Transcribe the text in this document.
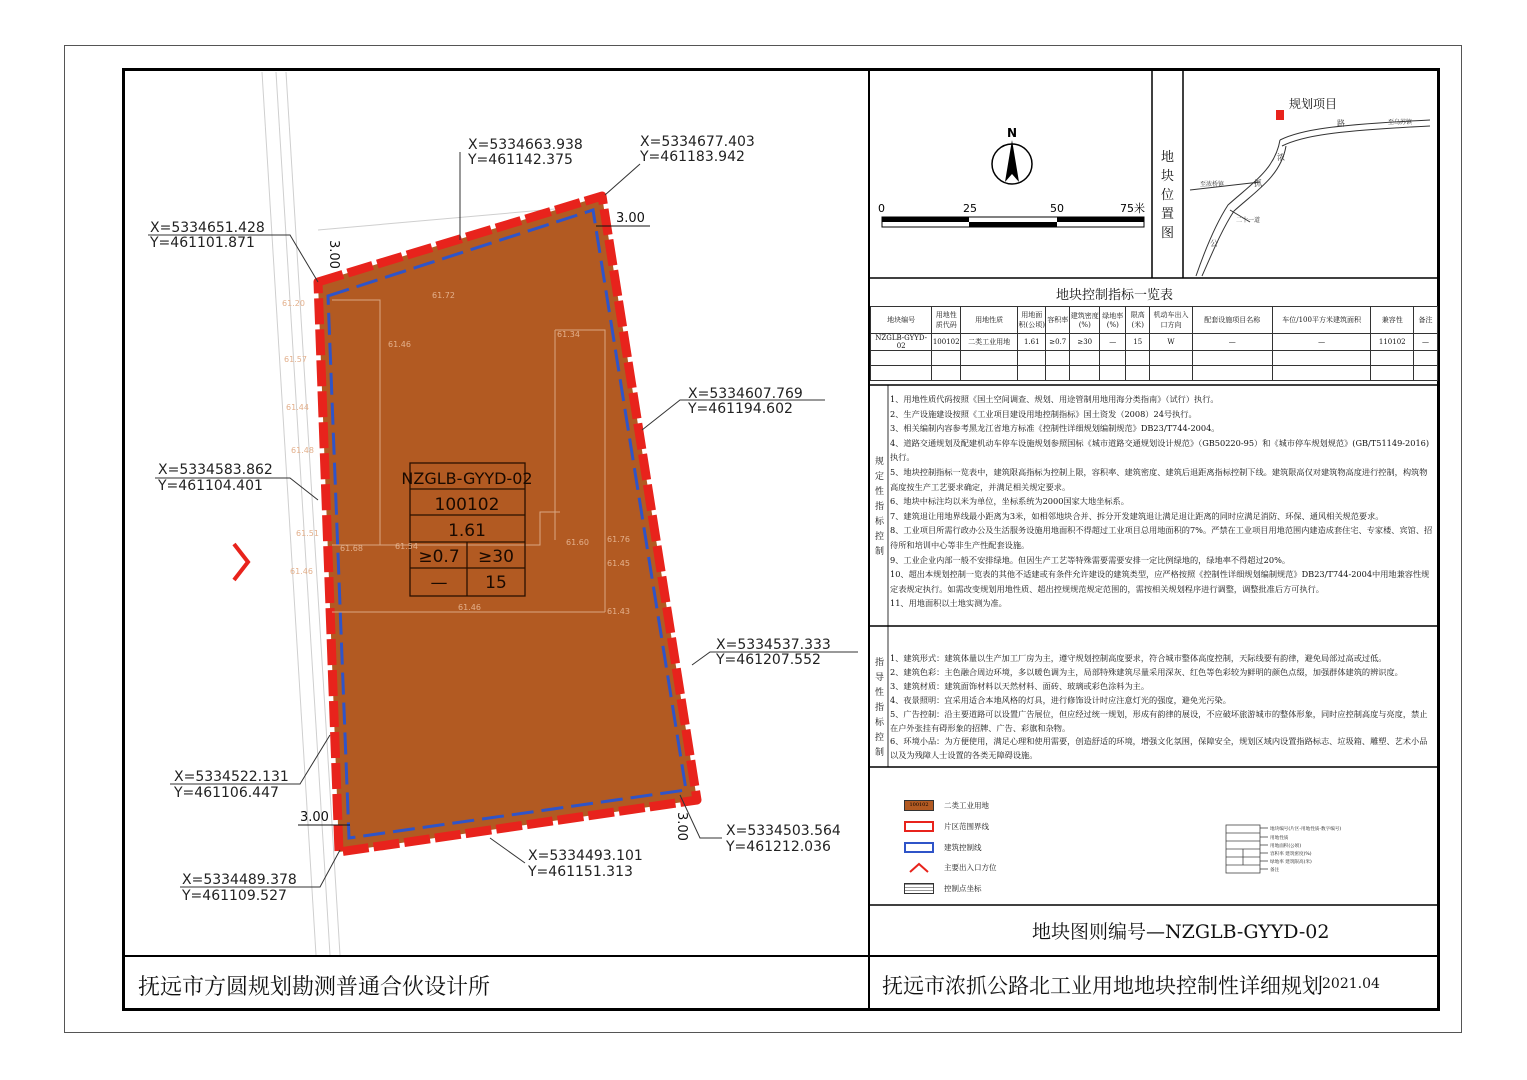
NZGLB-GYYD-02
100102
1.61
≥0.7 ≥30
— 15
61.72
61.46
61.34
61.60 61.76
61.45
61.43
61.46
61.68	61.54
61.20
61.57
61.44
61.48
61.51
61.46
X=5334663.938
Y=461142.375
X=5334677.403
Y=461183.942
X=5334651.428
Y=461101.871
X=5334607.769
Y=461194.602
X=5334583.862
Y=461104.401
X=5334537.333
Y=461207.552
X=5334522.131
Y=461106.447
X=5334503.564
Y=461212.036
X=5334493.101
Y=461151.313
X=5334489.378
Y=461109.527
3.00
3.00
3.00	3.00
N
0	25	50	75米
规划项目
至乌苏镇
至浓桥镇
二十一道
路
浓
抓
公
地块位置图
地块控制指标一览表
地块编号	用地性质代码	用地性质	用地面积(公顷)	容积率	建筑密度(%)	绿地率(%)	限高(米)	机动车出入口方向	配套设施项目名称	车位/100平方米建筑面积	兼容性	备注
NZGLB-GYYD-02	100102	二类工业用地	1.61	≥0.7	≥30	—	15	W	—	—	110102	—

规定性指标控制
1、用地性质代码按照《国土空间调查、规划、用途管制用地用海分类指南》（试行）执行。
2、生产设施建设按照《工业项目建设用地控制指标》国土资发（2008）24号执行。
3、相关编制内容参考黑龙江省地方标准《控制性详细规划编制规范》DB23/T744-2004。
4、道路交通规划及配建机动车停车设施规划参照国标《城市道路交通规划设计规范》（GB50220-95）和《城市停车规划规范》(GB/T51149-2016)执行。
5、地块控制指标一览表中，建筑限高指标为控制上限，容积率、建筑密度、建筑后退距离指标控制下线。建筑限高仅对建筑物高度进行控制，构筑物高度按生产工艺要求确定，并满足相关规定要求。
6、地块中标注均以米为单位，坐标系统为2000国家大地坐标系。
7、建筑退让用地界线最小距离为3米，如相邻地块合并、拆分开发建筑退让满足退让距离的同时应满足消防、环保、通风相关规范要求。
8、工业项目所需行政办公及生活服务设施用地面积不得超过工业项目总用地面积的7%。严禁在工业项目用地范围内建造成套住宅、专家楼、宾馆、招待所和培训中心等非生产性配套设施。
9、工业企业内部一般不安排绿地。但因生产工艺等特殊需要需要安排一定比例绿地的，绿地率不得超过20%。
10、超出本规划控制一览表的其他不适建或有条件允许建设的建筑类型，应严格按照《控制性详细规划编制规范》DB23/T744-2004中用地兼容性规定表规定执行。如需改变规划用地性质、超出控规规范规定范围的，需按相关规划程序进行调整，调整批准后方可执行。
11、用地面积以土地实测为准。
指导性指标控制
1、建筑形式：建筑体量以生产加工厂房为主，遵守规划控制高度要求，符合城市整体高度控制，天际线要有韵律，避免局部过高或过低。
2、建筑色彩：主色融合周边环境，多以暖色调为主，局部特殊建筑尽量采用深灰、红色等色彩较为鲜明的颜色点缀，加强群体建筑的辨识度。
3、建筑材质：建筑面饰材料以天然材料、面砖、玻璃或彩色涂料为主。
4、夜景照明：宜采用适合本地风格的灯具，进行修饰设计时应注意灯光的强度，避免光污染。
5、广告控制：沿主要道路可以设置广告展位，但应经过统一规划，形成有韵律的展设，不应破坏旅游城市的整体形象，同时应控制高度与亮度，禁止在户外张挂有碍形象的招牌、广告、彩旗和杂物。
6、环境小品：为方便使用，满足心理和使用需要，创造舒适的环境，增强文化氛围，保障安全，规划区域内设置指路标志、垃圾箱、雕塑、艺术小品以及为残障人士设置的各类无障碍设施。
100102	二类工业用地
片区范围界线
建筑控制线
主要出入口方位
控制点坐标
地块编号(片区-用地性质-数字编号)
用地性质
用地面积(公顷)
容积率 建筑密度(%)
绿地率 建筑限高(米)
备注
地块图则编号—NZGLB-GYYD-02
抚远市方圆规划勘测普通合伙设计所	抚远市浓抓公路北工业用地地块控制性详细规划 2021.04
